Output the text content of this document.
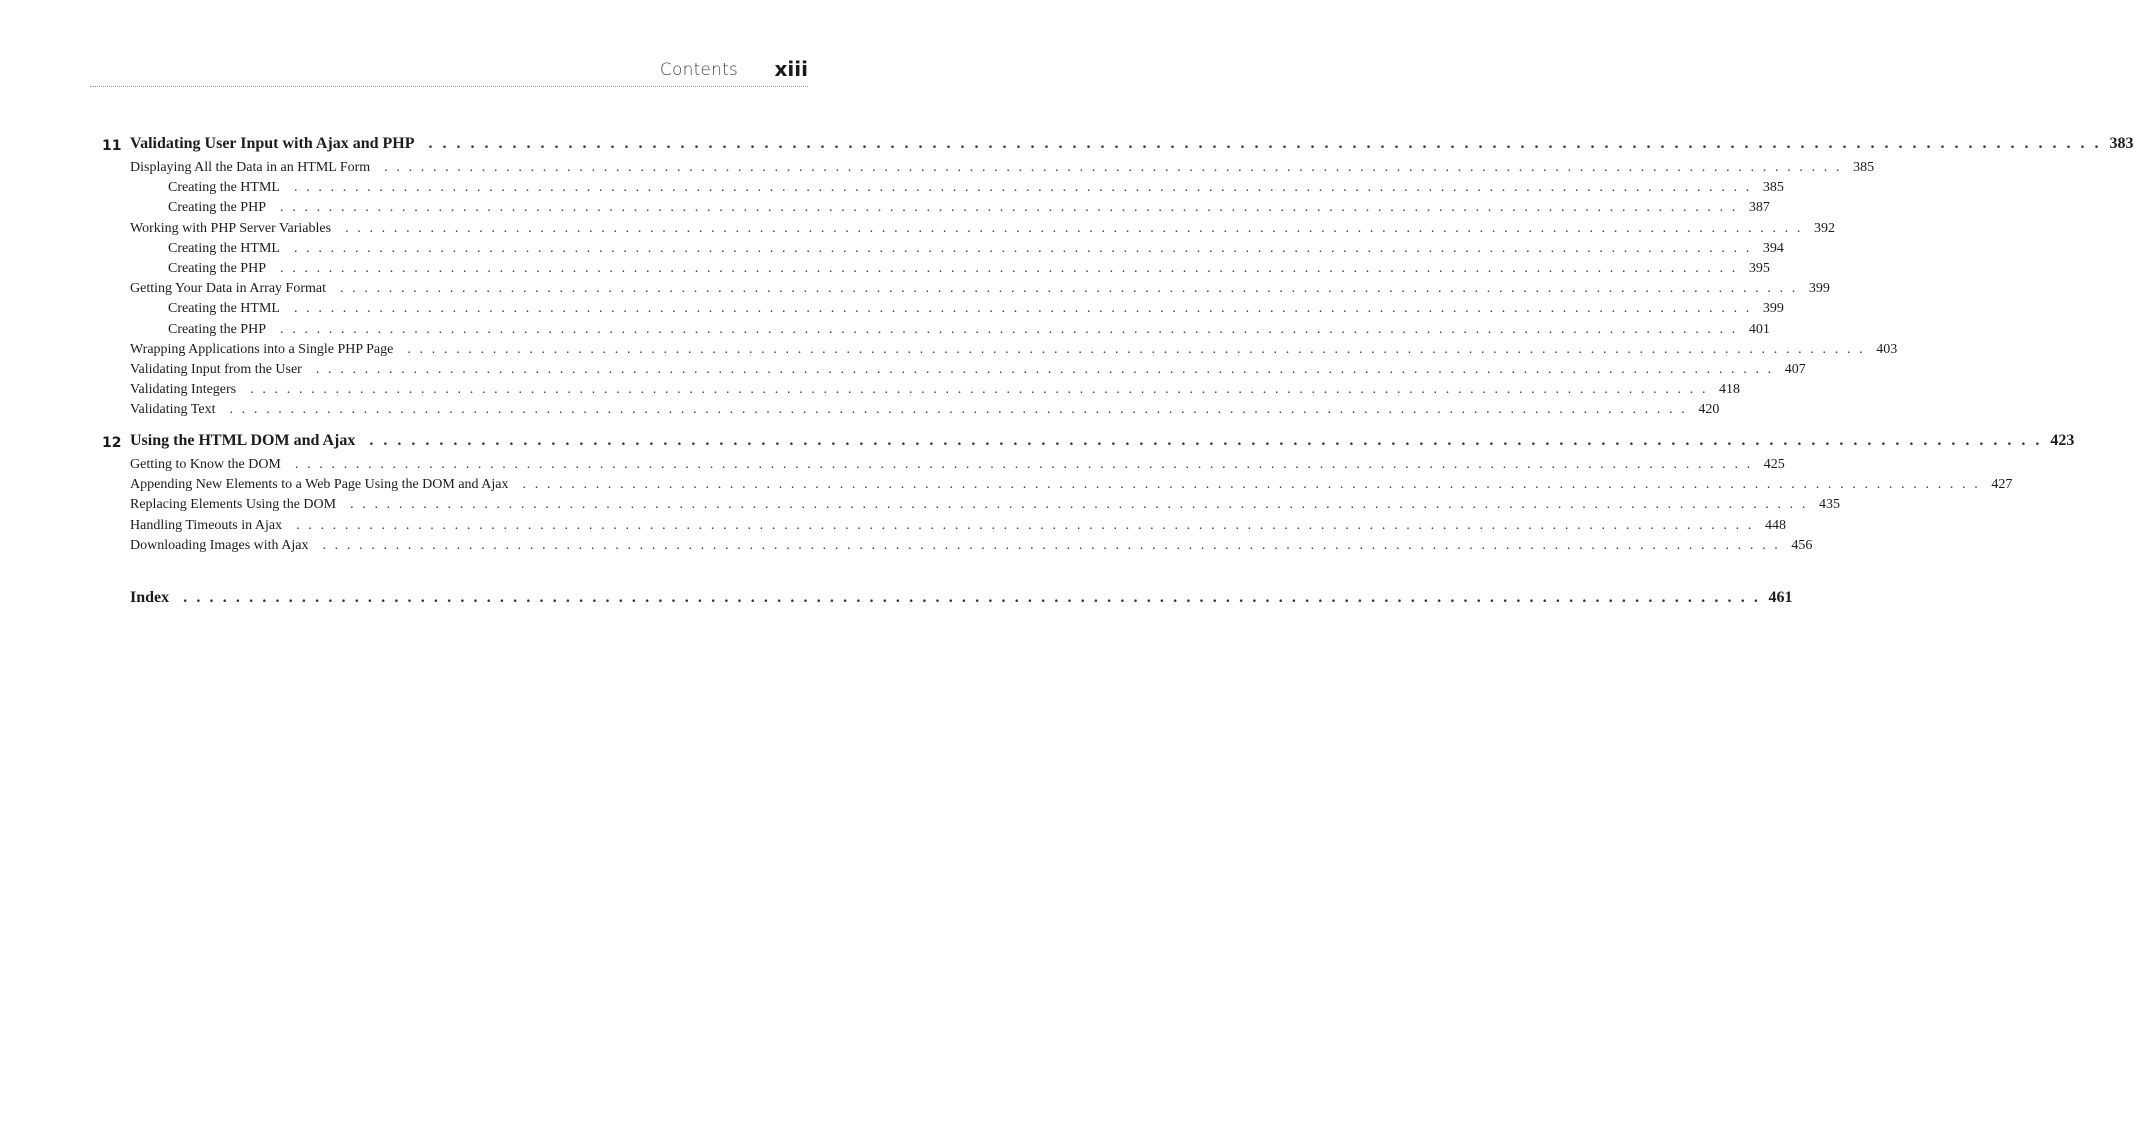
Contents xiii
11 Validating User Input with Ajax and PHP . . . . . . . . . . . . . . . . . . . . . . . . . . . . . . . . . . . . . . . . . . . . . . . . . . . . . . . . . . . . . . . . . . . . . . . . . . . . . . . . . . . . . . . . . . . . . . . . . . . . . . . . . . . . . . . . . . . . . . . . 383
Displaying All the Data in an HTML Form	. . . . . . . . . . . . . . . . . . . . . . . . . . . . . . . . . . . . . . . . . . . . . . . . . . . . . . . . . . . . . . . . . . . . . . . . . . . . . . . . . . . . . . . . . . . . . . . . . . . . . . . . . . . . . . . . . . . . . . . . 385
Creating the HTML	. . . . . . . . . . . . . . . . . . . . . . . . . . . . . . . . . . . . . . . . . . . . . . . . . . . . . . . . . . . . . . . . . . . . . . . . . . . . . . . . . . . . . . . . . . . . . . . . . . . . . . . . . . . . . . . . . . . . . . . . 385
Creating the PHP	. . . . . . . . . . . . . . . . . . . . . . . . . . . . . . . . . . . . . . . . . . . . . . . . . . . . . . . . . . . . . . . . . . . . . . . . . . . . . . . . . . . . . . . . . . . . . . . . . . . . . . . . . . . . . . . . . . . . . . . . 387
Working with PHP Server Variables	. . . . . . . . . . . . . . . . . . . . . . . . . . . . . . . . . . . . . . . . . . . . . . . . . . . . . . . . . . . . . . . . . . . . . . . . . . . . . . . . . . . . . . . . . . . . . . . . . . . . . . . . . . . . . . . . . . . . . . . . 392
Creating the HTML	. . . . . . . . . . . . . . . . . . . . . . . . . . . . . . . . . . . . . . . . . . . . . . . . . . . . . . . . . . . . . . . . . . . . . . . . . . . . . . . . . . . . . . . . . . . . . . . . . . . . . . . . . . . . . . . . . . . . . . . . 394
Creating the PHP	. . . . . . . . . . . . . . . . . . . . . . . . . . . . . . . . . . . . . . . . . . . . . . . . . . . . . . . . . . . . . . . . . . . . . . . . . . . . . . . . . . . . . . . . . . . . . . . . . . . . . . . . . . . . . . . . . . . . . . . . 395
Getting Your Data in Array Format	. . . . . . . . . . . . . . . . . . . . . . . . . . . . . . . . . . . . . . . . . . . . . . . . . . . . . . . . . . . . . . . . . . . . . . . . . . . . . . . . . . . . . . . . . . . . . . . . . . . . . . . . . . . . . . . . . . . . . . . . 399
Creating the HTML	. . . . . . . . . . . . . . . . . . . . . . . . . . . . . . . . . . . . . . . . . . . . . . . . . . . . . . . . . . . . . . . . . . . . . . . . . . . . . . . . . . . . . . . . . . . . . . . . . . . . . . . . . . . . . . . . . . . . . . . . 399
Creating the PHP	. . . . . . . . . . . . . . . . . . . . . . . . . . . . . . . . . . . . . . . . . . . . . . . . . . . . . . . . . . . . . . . . . . . . . . . . . . . . . . . . . . . . . . . . . . . . . . . . . . . . . . . . . . . . . . . . . . . . . . . . 401
Wrapping Applications into a Single PHP Page	. . . . . . . . . . . . . . . . . . . . . . . . . . . . . . . . . . . . . . . . . . . . . . . . . . . . . . . . . . . . . . . . . . . . . . . . . . . . . . . . . . . . . . . . . . . . . . . . . . . . . . . . . . . . . . . . . . . . . . . . 403
Validating Input from the User	. . . . . . . . . . . . . . . . . . . . . . . . . . . . . . . . . . . . . . . . . . . . . . . . . . . . . . . . . . . . . . . . . . . . . . . . . . . . . . . . . . . . . . . . . . . . . . . . . . . . . . . . . . . . . . . . . . . . . . . . 407
Validating Integers	. . . . . . . . . . . . . . . . . . . . . . . . . . . . . . . . . . . . . . . . . . . . . . . . . . . . . . . . . . . . . . . . . . . . . . . . . . . . . . . . . . . . . . . . . . . . . . . . . . . . . . . . . . . . . . . . . . . . . . . . 418
Validating Text	. . . . . . . . . . . . . . . . . . . . . . . . . . . . . . . . . . . . . . . . . . . . . . . . . . . . . . . . . . . . . . . . . . . . . . . . . . . . . . . . . . . . . . . . . . . . . . . . . . . . . . . . . . . . . . . . . . . . . . . . 420
12 Using the HTML DOM and Ajax . . . . . . . . . . . . . . . . . . . . . . . . . . . . . . . . . . . . . . . . . . . . . . . . . . . . . . . . . . . . . . . . . . . . . . . . . . . . . . . . . . . . . . . . . . . . . . . . . . . . . . . . . . . . . . . . . . . . . . . . 423
Getting to Know the DOM	. . . . . . . . . . . . . . . . . . . . . . . . . . . . . . . . . . . . . . . . . . . . . . . . . . . . . . . . . . . . . . . . . . . . . . . . . . . . . . . . . . . . . . . . . . . . . . . . . . . . . . . . . . . . . . . . . . . . . . . . 425
Appending New Elements to a Web Page Using the DOM and Ajax	. . . . . . . . . . . . . . . . . . . . . . . . . . . . . . . . . . . . . . . . . . . . . . . . . . . . . . . . . . . . . . . . . . . . . . . . . . . . . . . . . . . . . . . . . . . . . . . . . . . . . . . . . . . . . . . . . . . . . . . . 427
Replacing Elements Using the DOM	. . . . . . . . . . . . . . . . . . . . . . . . . . . . . . . . . . . . . . . . . . . . . . . . . . . . . . . . . . . . . . . . . . . . . . . . . . . . . . . . . . . . . . . . . . . . . . . . . . . . . . . . . . . . . . . . . . . . . . . . 435
Handling Timeouts in Ajax	. . . . . . . . . . . . . . . . . . . . . . . . . . . . . . . . . . . . . . . . . . . . . . . . . . . . . . . . . . . . . . . . . . . . . . . . . . . . . . . . . . . . . . . . . . . . . . . . . . . . . . . . . . . . . . . . . . . . . . . . 448
Downloading Images with Ajax	. . . . . . . . . . . . . . . . . . . . . . . . . . . . . . . . . . . . . . . . . . . . . . . . . . . . . . . . . . . . . . . . . . . . . . . . . . . . . . . . . . . . . . . . . . . . . . . . . . . . . . . . . . . . . . . . . . . . . . . . 456
Index . . . . . . . . . . . . . . . . . . . . . . . . . . . . . . . . . . . . . . . . . . . . . . . . . . . . . . . . . . . . . . . . . . . . . . . . . . . . . . . . . . . . . . . . . . . . . . . . . . . . . . . . . . . . . . . . . . . . . . . . 461
